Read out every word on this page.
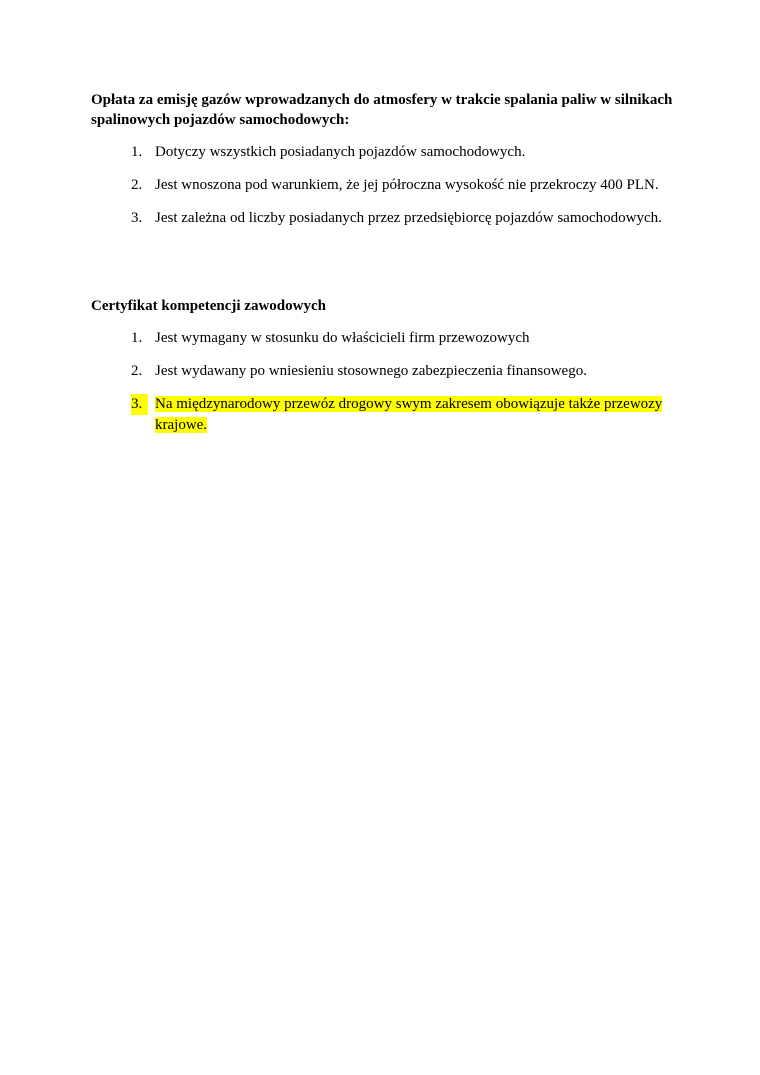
Opłata za emisję gazów wprowadzanych do atmosfery w trakcie spalania paliw w silnikach spalinowych pojazdów samochodowych:

1. Dotyczy wszystkich posiadanych pojazdów samochodowych.
2. Jest wnoszona pod warunkiem, że jej półroczna wysokość nie przekroczy 400 PLN.
3. Jest zależna od liczby posiadanych przez przedsiębiorcę pojazdów samochodowych.

Certyfikat kompetencji zawodowych

1. Jest wymagany w stosunku do właścicieli firm przewozowych
2. Jest wydawany po wniesieniu stosownego zabezpieczenia finansowego.
3. Na międzynarodowy przewóz drogowy swym zakresem obowiązuje także przewozy krajowe.
